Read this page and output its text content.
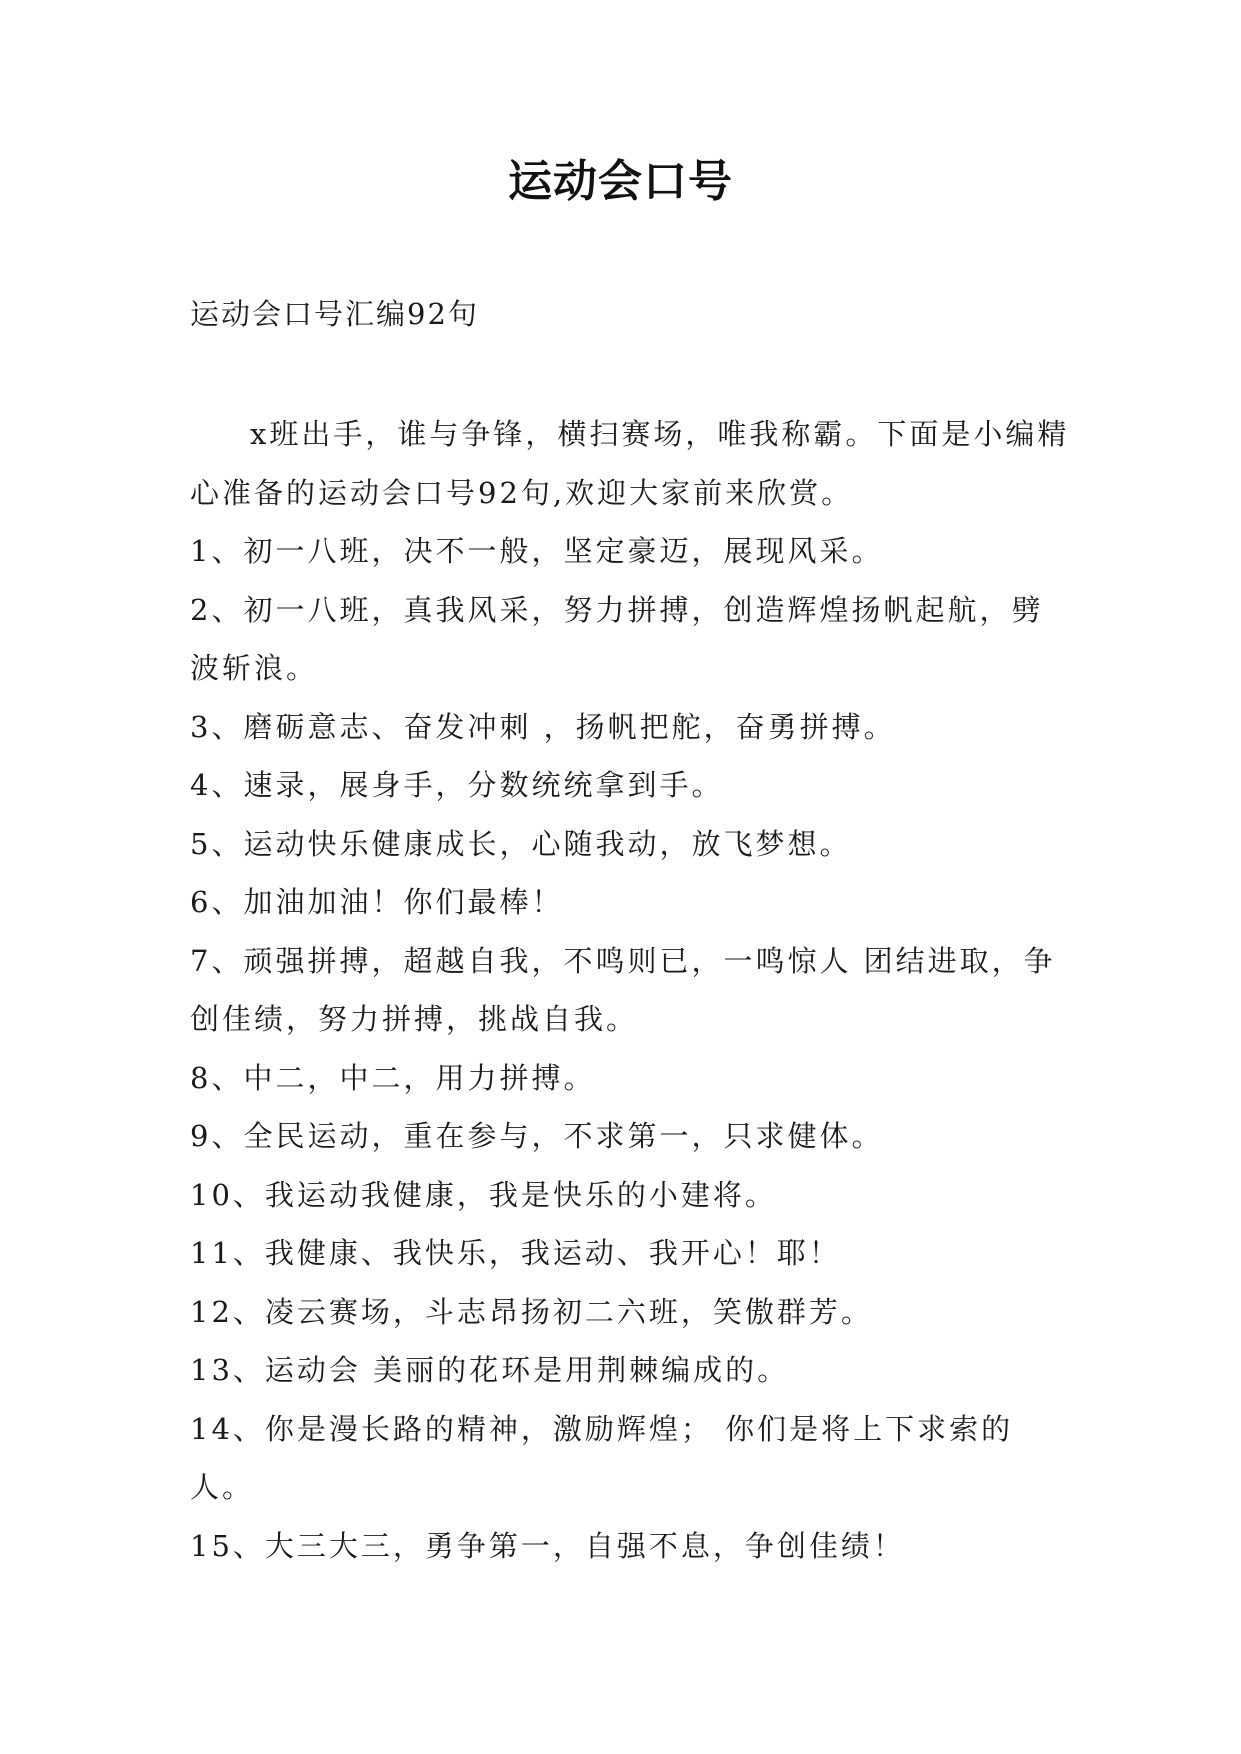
运动会口号
运动会口号汇编92句

x班出手，谁与争锋，横扫赛场，唯我称霸。下面是小编精心准备的运动会口号92句,欢迎大家前来欣赏。

1、初一八班，决不一般，坚定豪迈，展现风采。

2、初一八班，真我风采，努力拼搏，创造辉煌扬帆起航，劈波斩浪。

3、磨砺意志、奋发冲刺 ，扬帆把舵，奋勇拼搏。

4、速录，展身手，分数统统拿到手。

5、运动快乐健康成长，心随我动，放飞梦想。

6、加油加油！你们最棒！

7、顽强拼搏，超越自我，不鸣则已，一鸣惊人 团结进取，争创佳绩，努力拼搏，挑战自我。

8、中二，中二，用力拼搏。

9、全民运动，重在参与，不求第一，只求健体。

10、我运动我健康，我是快乐的小建将。

11、我健康、我快乐，我运动、我开心！耶！

12、凌云赛场，斗志昂扬初二六班，笑傲群芳。

13、运动会 美丽的花环是用荆棘编成的。

14、你是漫长路的精神，激励辉煌； 你们是将上下求索的人。

15、大三大三，勇争第一，自强不息，争创佳绩！
